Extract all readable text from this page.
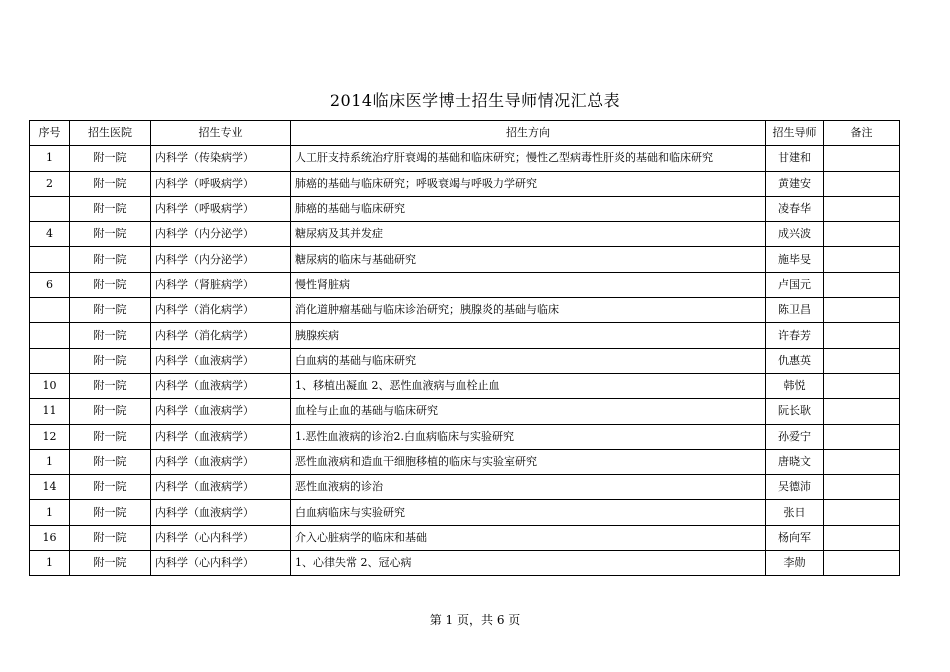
2014临床医学博士招生导师情况汇总表
序号	招生医院	招生专业	招生方向	招生导师	备注
1	附一院	内科学（传染病学）	人工肝支持系统治疗肝衰竭的基础和临床研究；慢性乙型病毒性肝炎的基础和临床研究	甘建和	
2	附一院	内科学（呼吸病学）	肺癌的基础与临床研究；呼吸衰竭与呼吸力学研究	黄建安	
	附一院	内科学（呼吸病学）	肺癌的基础与临床研究	凌春华	
4	附一院	内科学（内分泌学）	糖尿病及其并发症	成兴波	
	附一院	内科学（内分泌学）	糖尿病的临床与基础研究	施毕旻	
6	附一院	内科学（肾脏病学）	慢性肾脏病	卢国元	
	附一院	内科学（消化病学）	消化道肿瘤基础与临床诊治研究；胰腺炎的基础与临床	陈卫昌	
	附一院	内科学（消化病学）	胰腺疾病	许春芳	
	附一院	内科学（血液病学）	白血病的基础与临床研究	仇惠英	
10	附一院	内科学（血液病学）	1、移植出凝血 2、恶性血液病与血栓止血	韩悦	
11	附一院	内科学（血液病学）	血栓与止血的基础与临床研究	阮长耿	
12	附一院	内科学（血液病学）	1.恶性血液病的诊治2.白血病临床与实验研究	孙爱宁	
1	附一院	内科学（血液病学）	恶性血液病和造血干细胞移植的临床与实验室研究	唐晓文	
14	附一院	内科学（血液病学）	恶性血液病的诊治	吴德沛	
1	附一院	内科学（血液病学）	白血病临床与实验研究	张日	
16	附一院	内科学（心内科学）	介入心脏病学的临床和基础	杨向军	
1	附一院	内科学（心内科学）	1、心律失常 2、冠心病	李勋	
第 1 页，共 6 页
